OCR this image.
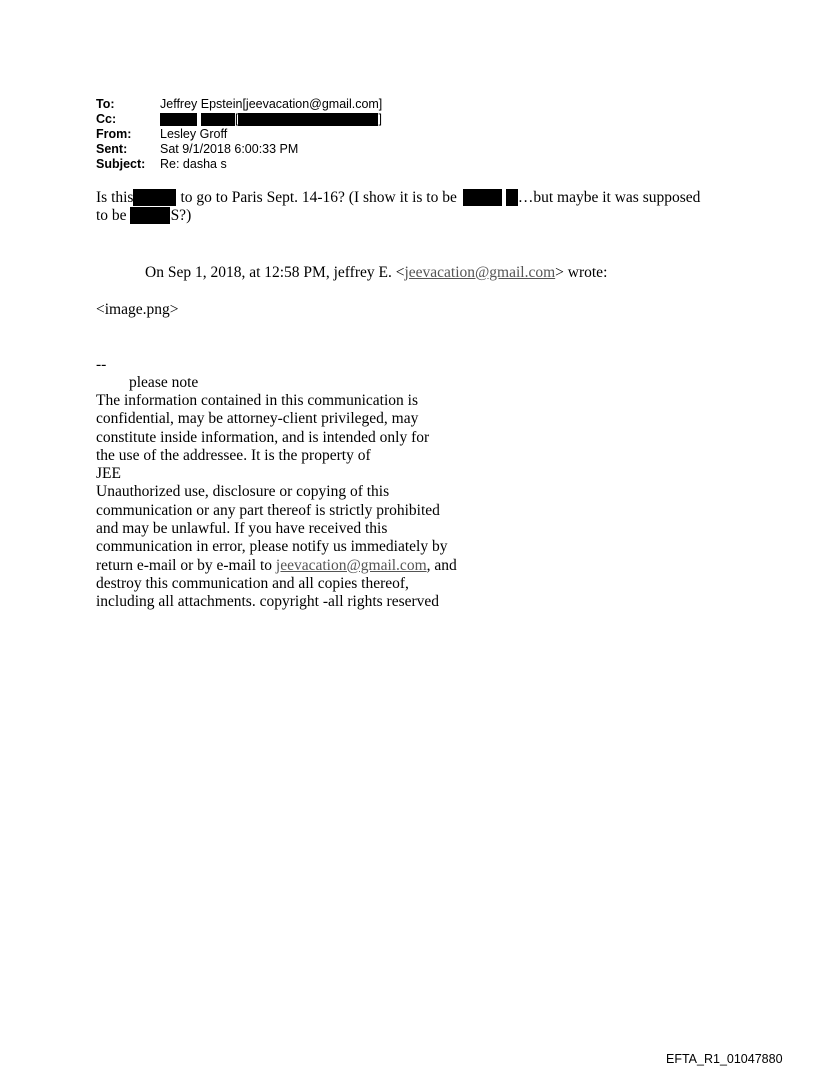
To:	Jeffrey Epstein[jeevacation@gmail.com]
Cc:	[	]
From:	Lesley Groff
Sent:	Sat 9/1/2018 6:00:33 PM
Subject:	Re: dasha s
Is this	to go to Paris Sept. 14-16? (I show it is to be	…but maybe it was supposed
to be	S?)
On Sep 1, 2018, at 12:58 PM, jeffrey E. <jeevacation@gmail.com> wrote:
<image.png>
--
please note
The information contained in this communication is
confidential, may be attorney-client privileged, may
constitute inside information, and is intended only for
the use of the addressee. It is the property of
JEE
Unauthorized use, disclosure or copying of this
communication or any part thereof is strictly prohibited
and may be unlawful. If you have received this
communication in error, please notify us immediately by
return e-mail or by e-mail to jeevacation@gmail.com, and
destroy this communication and all copies thereof,
including all attachments. copyright -all rights reserved
EFTA_R1_01047880
